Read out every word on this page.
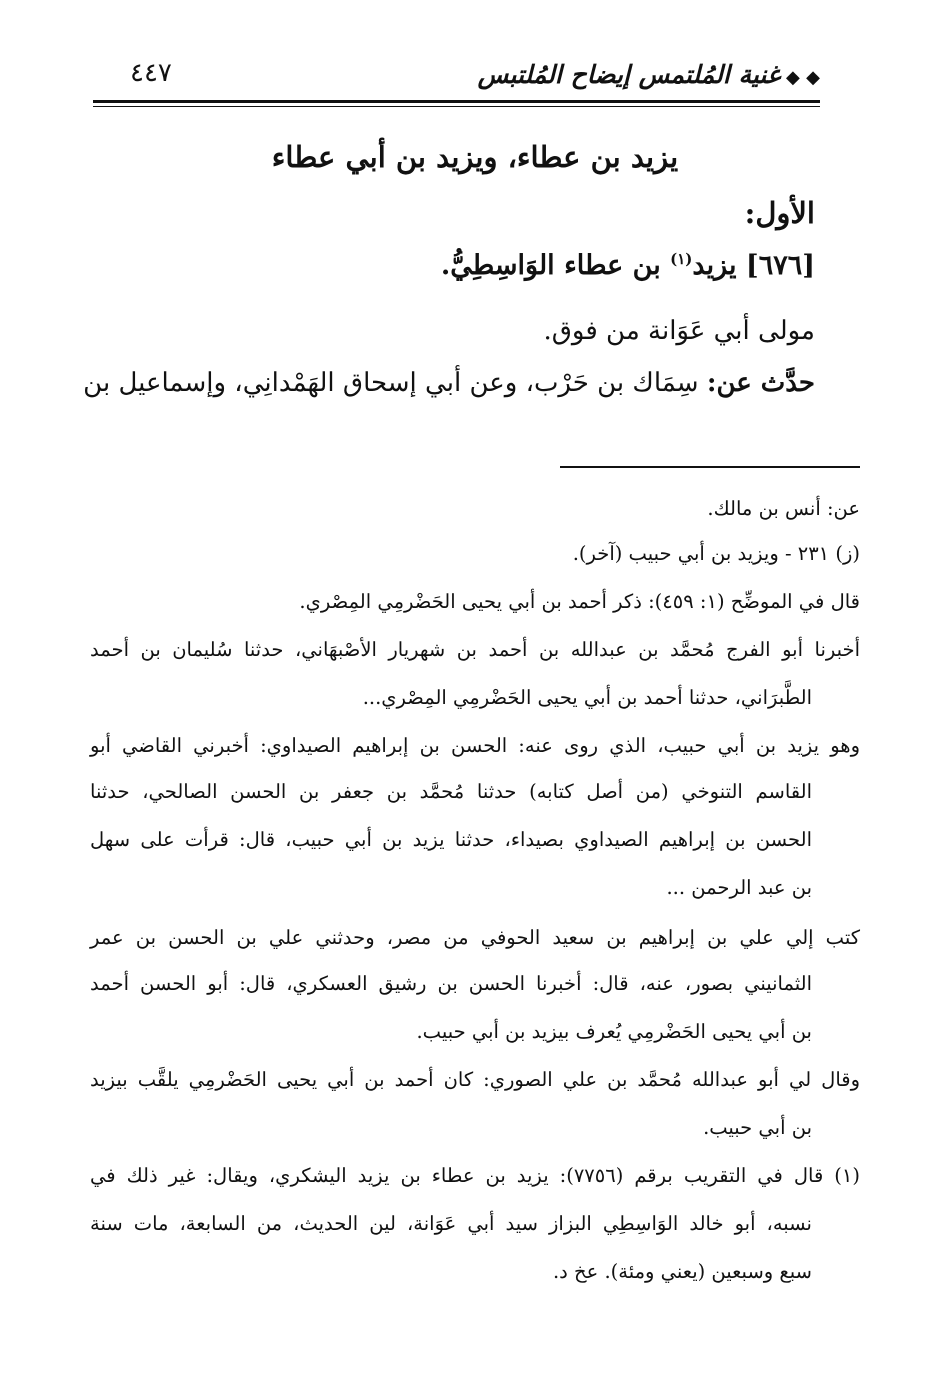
◆ ◆غنية المُلتمس إيضاح المُلتبس
٤٤٧
يزيد بن عطاء، ويزيد بن أبي عطاء
الأول:
[٦٧٦] يزيد$^{(١)}$ بن عطاء الوَاسِطِيُّ.
مولى أبي عَوَانة من فوق.
حدَّث عن: سِمَاك بن حَرْب، وعن أبي إسحاق الهَمْدانِي، وإسماعيل بن
عن: أنس بن مالك.
(ز) ٢٣١ - ويزيد بن أبي حبيب (آخر).
قال في الموضِّح (١: ٤٥٩): ذكر أحمد بن أبي يحيى الحَضْرمِي المِصْري.
أخبرنا أبو الفرج مُحمَّد بن عبدالله بن أحمد بن شهريار الأصْبهَاني، حدثنا سُليمان بن أحمد
الطَّبرَاني، حدثنا أحمد بن أبي يحيى الحَضْرمِي المِصْري...
وهو يزيد بن أبي حبيب، الذي روى عنه: الحسن بن إبراهيم الصيداوي: أخبرني القاضي أبو
القاسم التنوخي (من أصل كتابه) حدثنا مُحمَّد بن جعفر بن الحسن الصالحي، حدثنا
الحسن بن إبراهيم الصيداوي بصيداء، حدثنا يزيد بن أبي حبيب، قال: قرأت على سهل
بن عبد الرحمن ...
كتب إلي علي بن إبراهيم بن سعيد الحوفي من مصر، وحدثني علي بن الحسن بن عمر
الثمانيني بصور، عنه، قال: أخبرنا الحسن بن رشيق العسكري، قال: أبو الحسن أحمد
بن أبي يحيى الحَضْرمِي يُعرف بيزيد بن أبي حبيب.
وقال لي أبو عبدالله مُحمَّد بن علي الصوري: كان أحمد بن أبي يحيى الحَضْرمِي يلقَّب بيزيد
بن أبي حبيب.
(١) قال في التقريب برقم (٧٧٥٦): يزيد بن عطاء بن يزيد اليشكري، ويقال: غير ذلك في
نسبه، أبو خالد الوَاسِطِي البزاز سيد أبي عَوَانة، لين الحديث، من السابعة، مات سنة
سبع وسبعين (يعني ومئة). عخ د.
